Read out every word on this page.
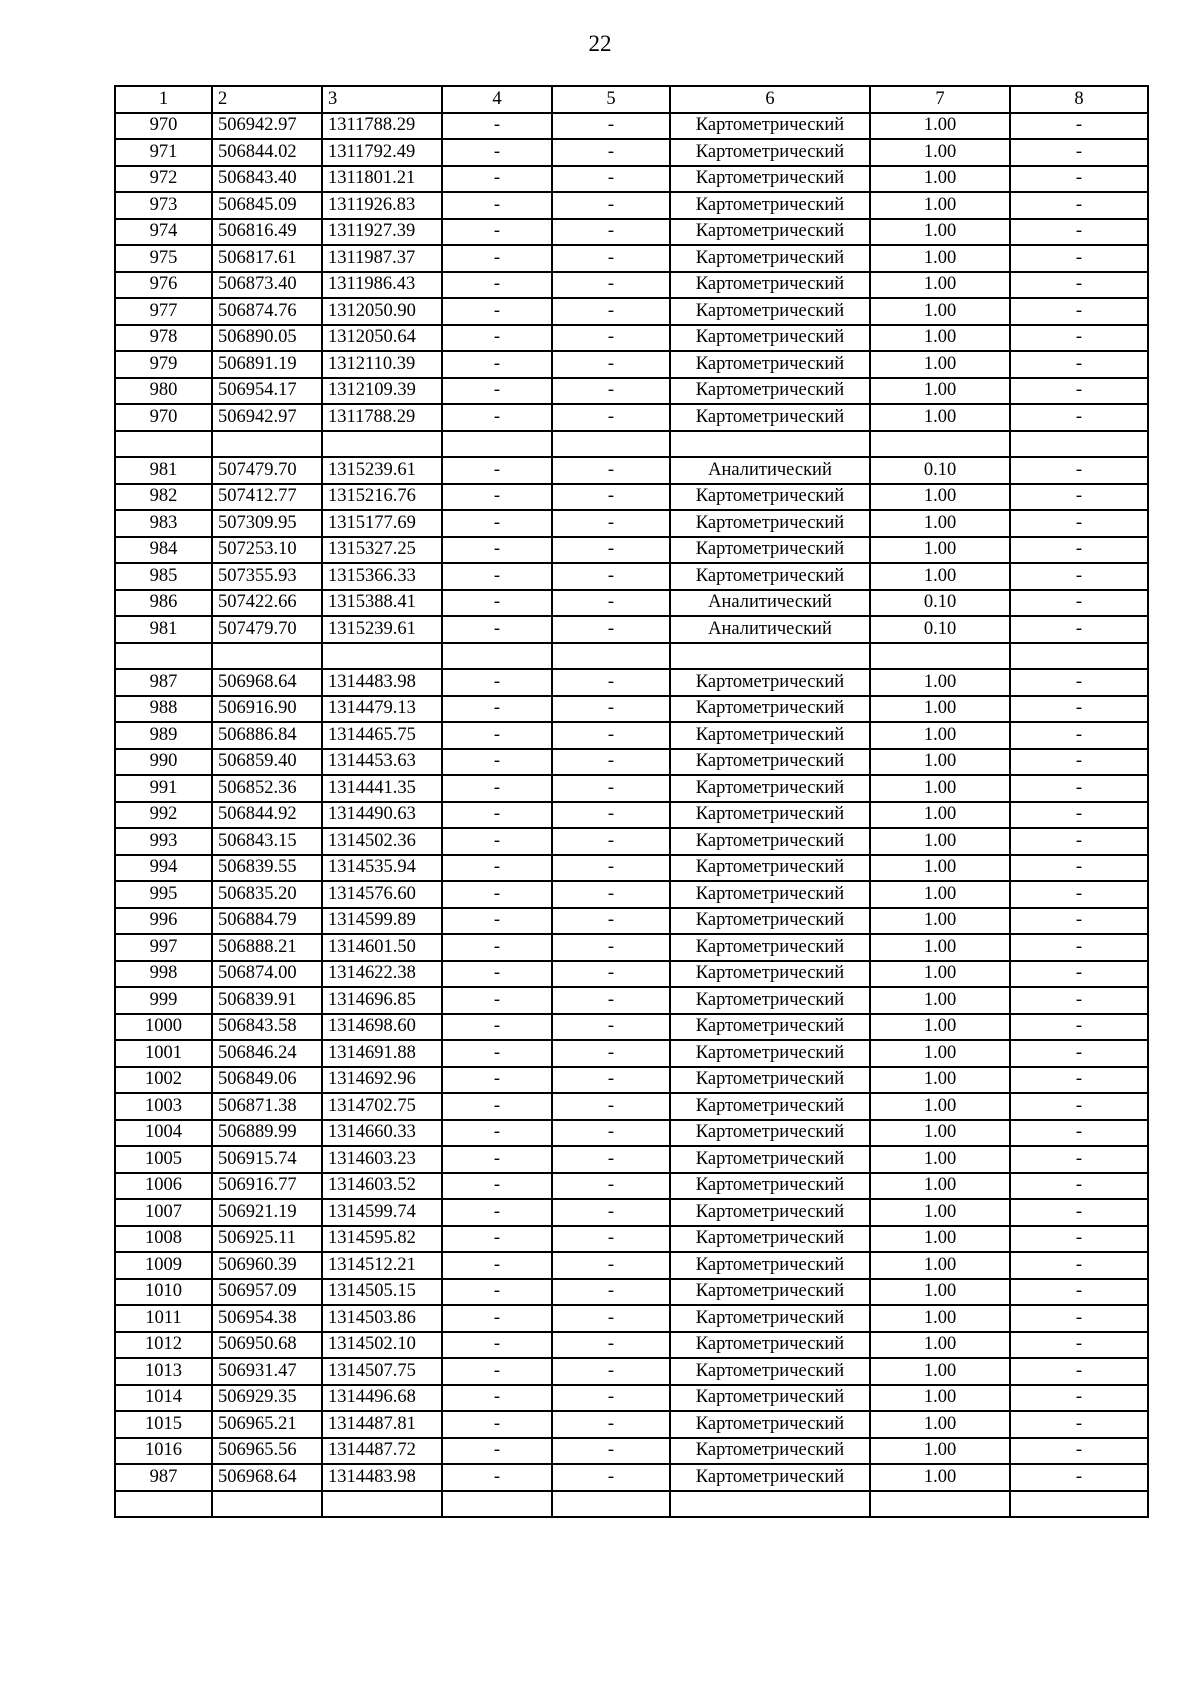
22
1	2	3	4	5	6	7	8
970	506942.97	1311788.29	-	-	Картометрический	1.00	-
971	506844.02	1311792.49	-	-	Картометрический	1.00	-
972	506843.40	1311801.21	-	-	Картометрический	1.00	-
973	506845.09	1311926.83	-	-	Картометрический	1.00	-
974	506816.49	1311927.39	-	-	Картометрический	1.00	-
975	506817.61	1311987.37	-	-	Картометрический	1.00	-
976	506873.40	1311986.43	-	-	Картометрический	1.00	-
977	506874.76	1312050.90	-	-	Картометрический	1.00	-
978	506890.05	1312050.64	-	-	Картометрический	1.00	-
979	506891.19	1312110.39	-	-	Картометрический	1.00	-
980	506954.17	1312109.39	-	-	Картометрический	1.00	-
970	506942.97	1311788.29	-	-	Картометрический	1.00	-

981	507479.70	1315239.61	-	-	Аналитический	0.10	-
982	507412.77	1315216.76	-	-	Картометрический	1.00	-
983	507309.95	1315177.69	-	-	Картометрический	1.00	-
984	507253.10	1315327.25	-	-	Картометрический	1.00	-
985	507355.93	1315366.33	-	-	Картометрический	1.00	-
986	507422.66	1315388.41	-	-	Аналитический	0.10	-
981	507479.70	1315239.61	-	-	Аналитический	0.10	-

987	506968.64	1314483.98	-	-	Картометрический	1.00	-
988	506916.90	1314479.13	-	-	Картометрический	1.00	-
989	506886.84	1314465.75	-	-	Картометрический	1.00	-
990	506859.40	1314453.63	-	-	Картометрический	1.00	-
991	506852.36	1314441.35	-	-	Картометрический	1.00	-
992	506844.92	1314490.63	-	-	Картометрический	1.00	-
993	506843.15	1314502.36	-	-	Картометрический	1.00	-
994	506839.55	1314535.94	-	-	Картометрический	1.00	-
995	506835.20	1314576.60	-	-	Картометрический	1.00	-
996	506884.79	1314599.89	-	-	Картометрический	1.00	-
997	506888.21	1314601.50	-	-	Картометрический	1.00	-
998	506874.00	1314622.38	-	-	Картометрический	1.00	-
999	506839.91	1314696.85	-	-	Картометрический	1.00	-
1000	506843.58	1314698.60	-	-	Картометрический	1.00	-
1001	506846.24	1314691.88	-	-	Картометрический	1.00	-
1002	506849.06	1314692.96	-	-	Картометрический	1.00	-
1003	506871.38	1314702.75	-	-	Картометрический	1.00	-
1004	506889.99	1314660.33	-	-	Картометрический	1.00	-
1005	506915.74	1314603.23	-	-	Картометрический	1.00	-
1006	506916.77	1314603.52	-	-	Картометрический	1.00	-
1007	506921.19	1314599.74	-	-	Картометрический	1.00	-
1008	506925.11	1314595.82	-	-	Картометрический	1.00	-
1009	506960.39	1314512.21	-	-	Картометрический	1.00	-
1010	506957.09	1314505.15	-	-	Картометрический	1.00	-
1011	506954.38	1314503.86	-	-	Картометрический	1.00	-
1012	506950.68	1314502.10	-	-	Картометрический	1.00	-
1013	506931.47	1314507.75	-	-	Картометрический	1.00	-
1014	506929.35	1314496.68	-	-	Картометрический	1.00	-
1015	506965.21	1314487.81	-	-	Картометрический	1.00	-
1016	506965.56	1314487.72	-	-	Картометрический	1.00	-
987	506968.64	1314483.98	-	-	Картометрический	1.00	-
